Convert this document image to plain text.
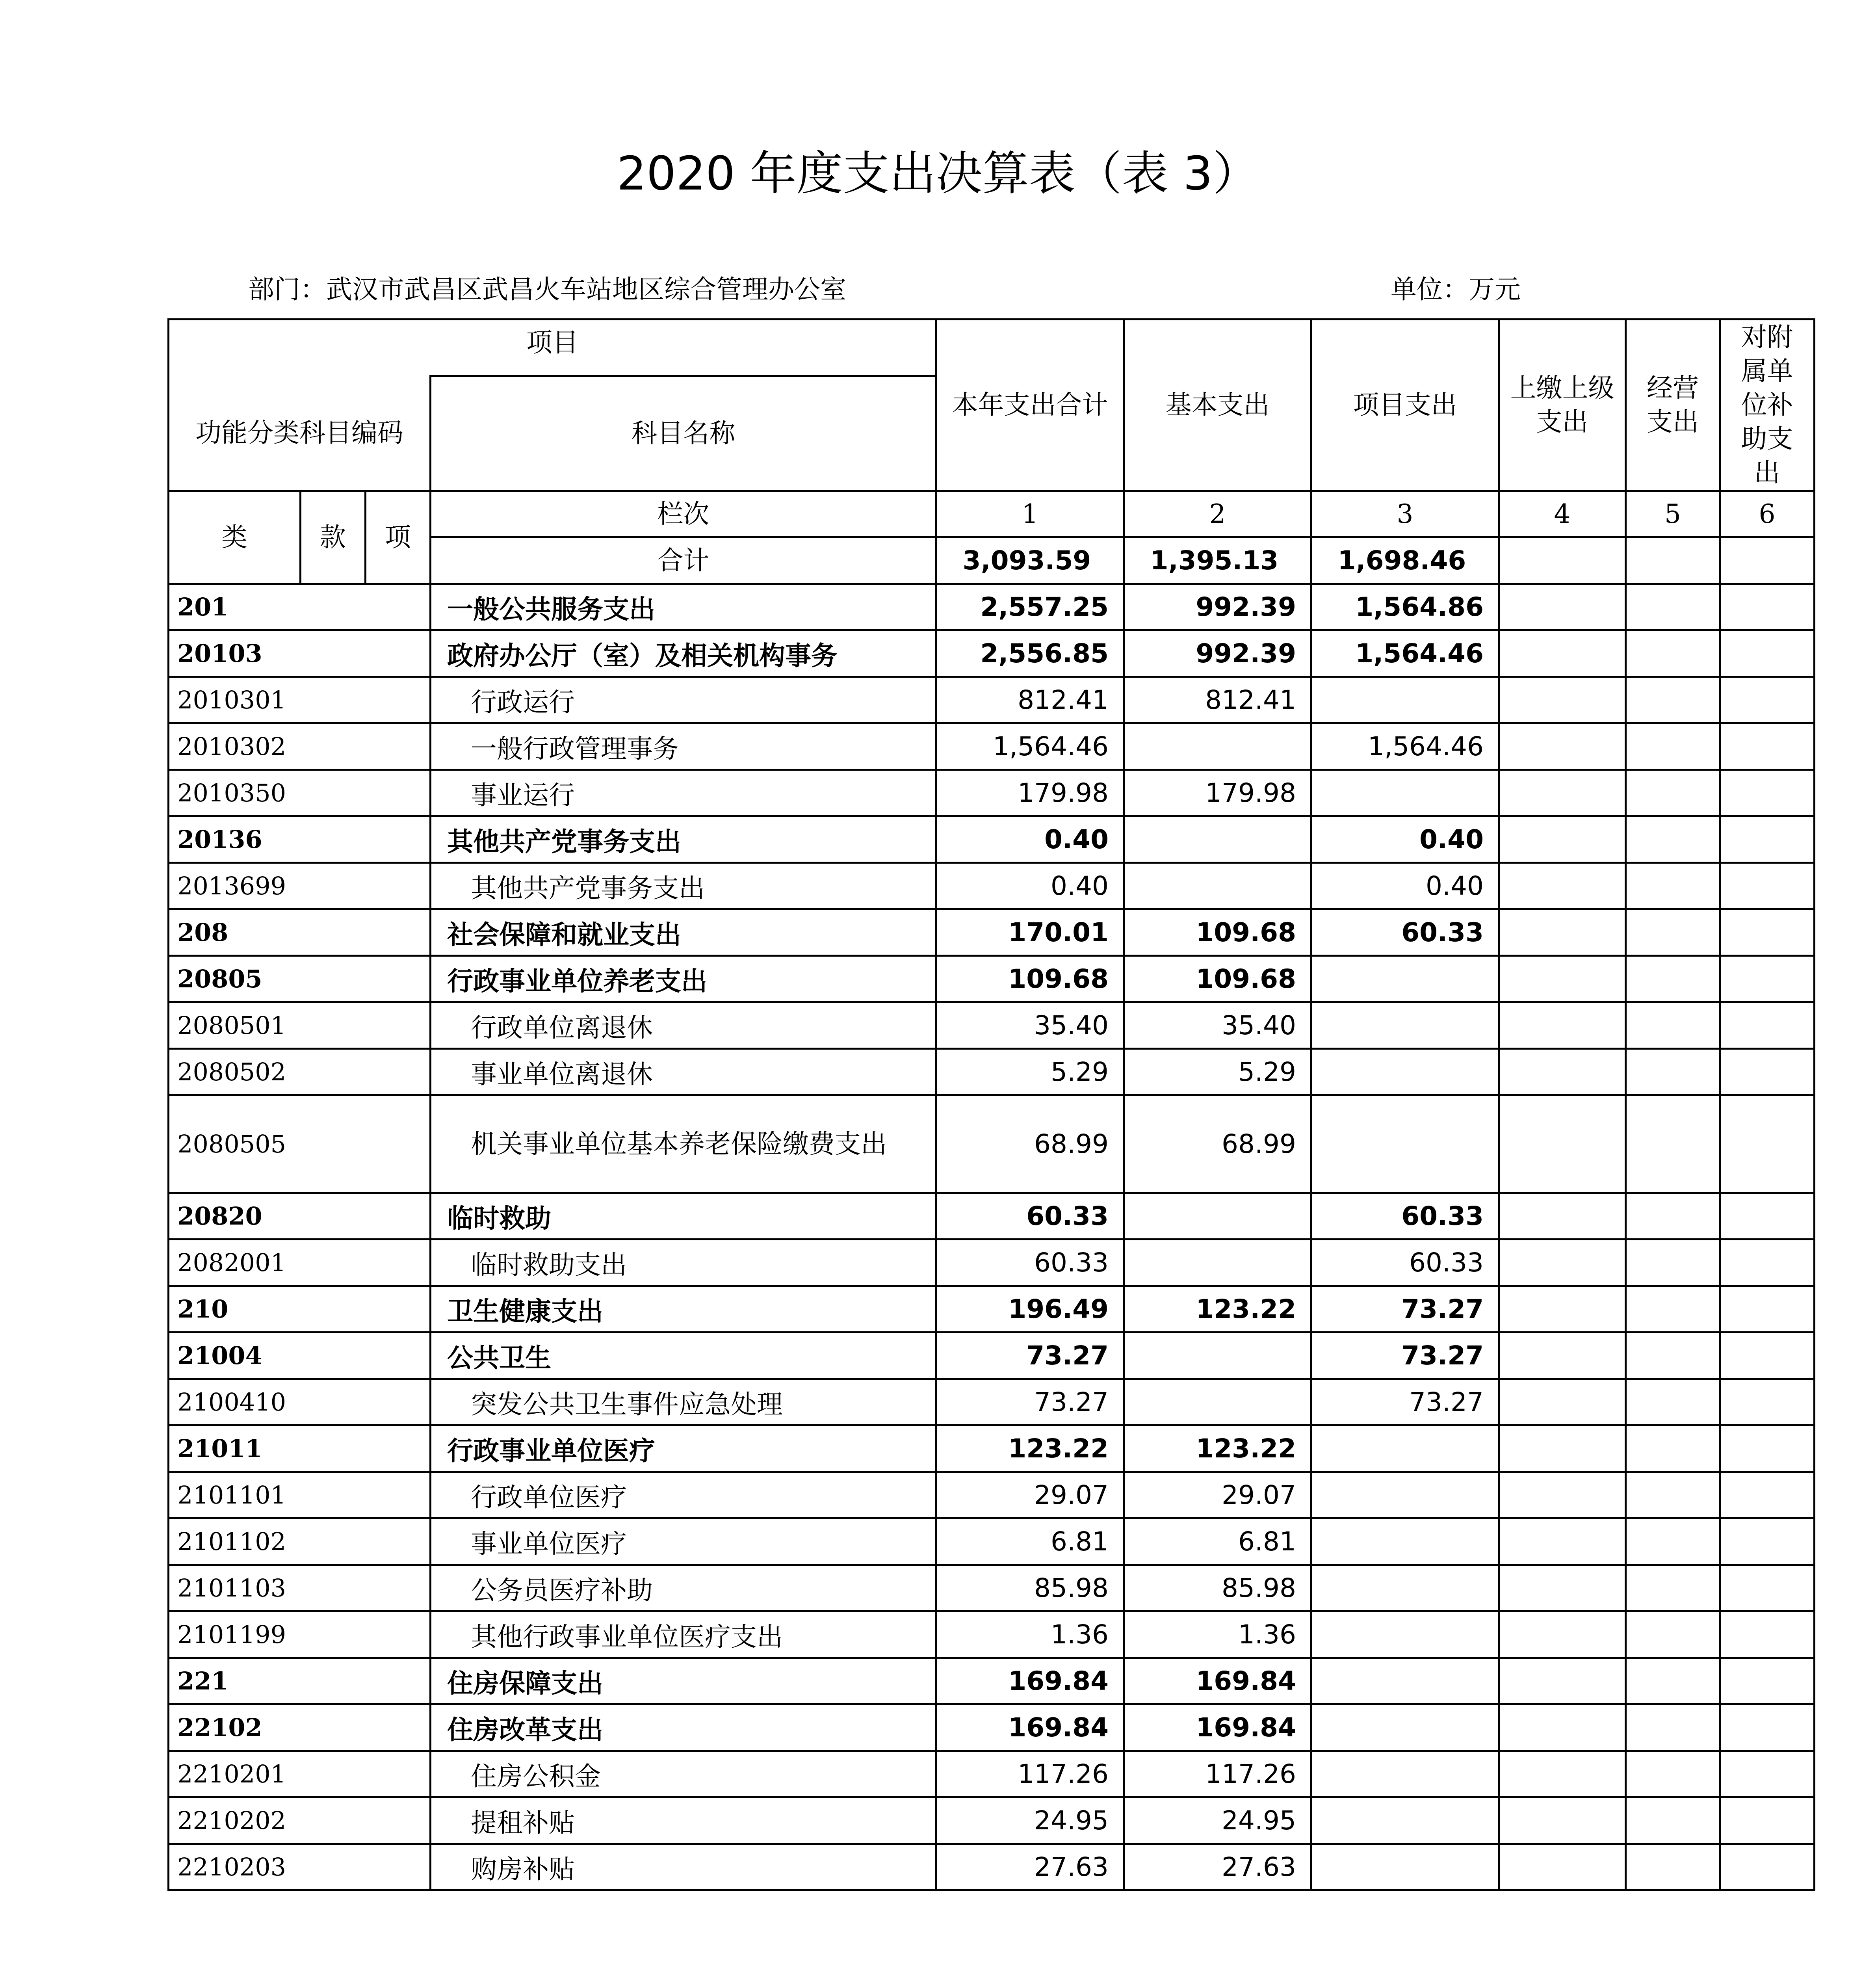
2020 年度支出决算表（表 3）
部门：武汉市武昌区武昌火车站地区综合管理办公室	单位：万元
项目				本年支出合计	基本支出	项目支出	上缴上级支出	经营支出	对附属单位补助支出
功能分类科目编码			科目名称						
类	款	项	栏次	1	2	3	4	5	6
			合计	3,093.59	1,395.13	1,698.46			
201			一般公共服务支出	2,557.25	992.39	1,564.86			
20103			政府办公厅（室）及相关机构事务	2,556.85	992.39	1,564.46			
2010301			行政运行	812.41	812.41				
2010302			一般行政管理事务	1,564.46		1,564.46			
2010350			事业运行	179.98	179.98				
20136			其他共产党事务支出	0.40		0.40			
2013699			其他共产党事务支出	0.40		0.40			
208			社会保障和就业支出	170.01	109.68	60.33			
20805			行政事业单位养老支出	109.68	109.68				
2080501			行政单位离退休	35.40	35.40				
2080502			事业单位离退休	5.29	5.29				
2080505			机关事业单位基本养老保险缴费支出	68.99	68.99				
20820			临时救助	60.33		60.33			
2082001			临时救助支出	60.33		60.33			
210			卫生健康支出	196.49	123.22	73.27			
21004			公共卫生	73.27		73.27			
2100410			突发公共卫生事件应急处理	73.27		73.27			
21011			行政事业单位医疗	123.22	123.22				
2101101			行政单位医疗	29.07	29.07				
2101102			事业单位医疗	6.81	6.81				
2101103			公务员医疗补助	85.98	85.98				
2101199			其他行政事业单位医疗支出	1.36	1.36				
221			住房保障支出	169.84	169.84				
22102			住房改革支出	169.84	169.84				
2210201			住房公积金	117.26	117.26				
2210202			提租补贴	24.95	24.95				
2210203			购房补贴	27.63	27.63				
